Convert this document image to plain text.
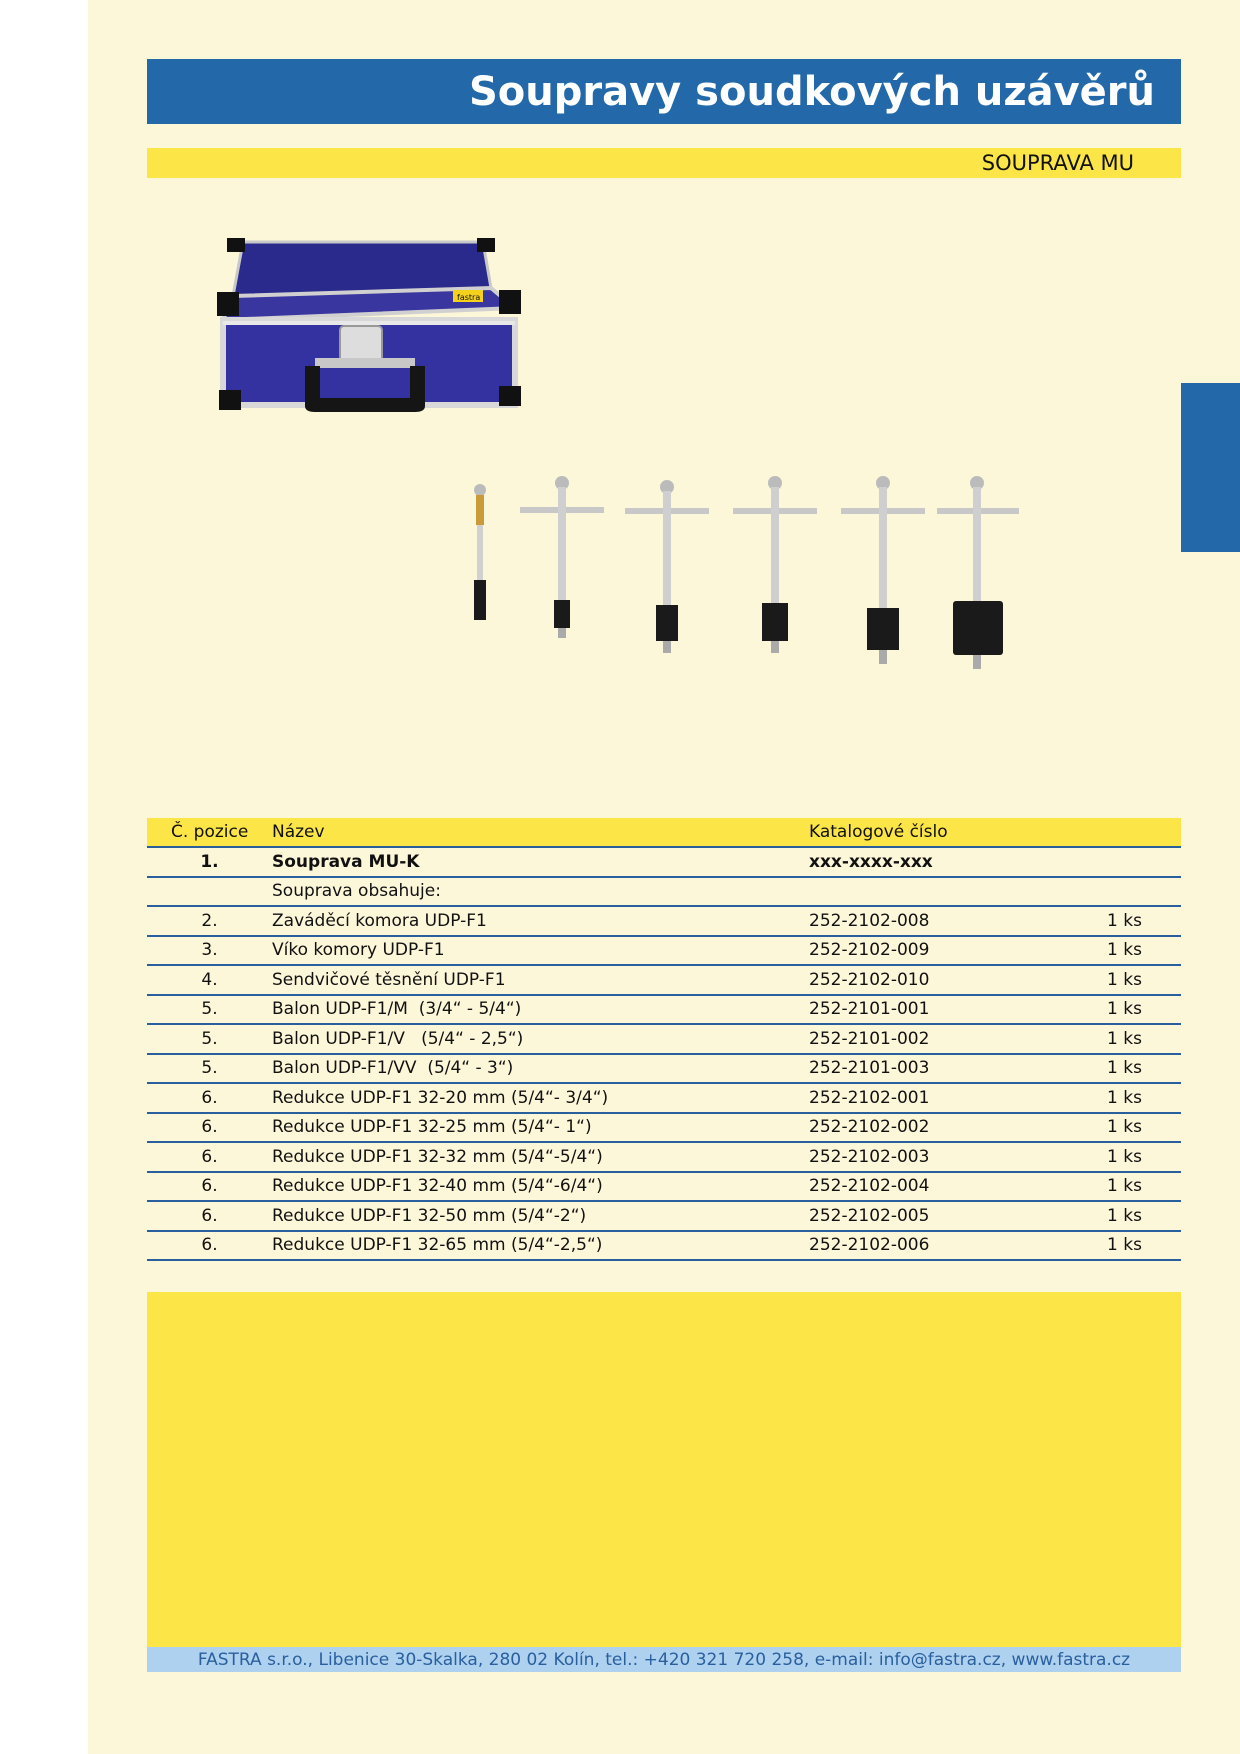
Soupravy soudkových uzávěrů
SOUPRAVA MU
fastra
Č. pozice Název	Katalogové číslo
1.	Souprava MU-K	xxx-xxxx-xxx
Souprava obsahuje:
2.	Zaváděcí komora UDP-F1	252-2102-008	1 ks
3.	Víko komory UDP-F1	252-2102-009	1 ks
4.	Sendvičové těsnění UDP-F1	252-2102-010	1 ks
5.	Balon UDP-F1/M  (3/4“ - 5/4“)	252-2101-001	1 ks
5.	Balon UDP-F1/V   (5/4“ - 2,5“)	252-2101-002	1 ks
5.	Balon UDP-F1/VV  (5/4“ - 3“)	252-2101-003	1 ks
6.	Redukce UDP-F1 32-20 mm (5/4“- 3/4“)	252-2102-001	1 ks
6.	Redukce UDP-F1 32-25 mm (5/4“- 1“)	252-2102-002	1 ks
6.	Redukce UDP-F1 32-32 mm (5/4“-5/4“)	252-2102-003	1 ks
6.	Redukce UDP-F1 32-40 mm (5/4“-6/4“)	252-2102-004	1 ks
6.	Redukce UDP-F1 32-50 mm (5/4“-2“)	252-2102-005	1 ks
6.	Redukce UDP-F1 32-65 mm (5/4“-2,5“)	252-2102-006	1 ks
FASTRA s.r.o., Libenice 30-Skalka, 280 02 Kolín, tel.: +420 321 720 258, e-mail: info@fastra.cz, www.fastra.cz
